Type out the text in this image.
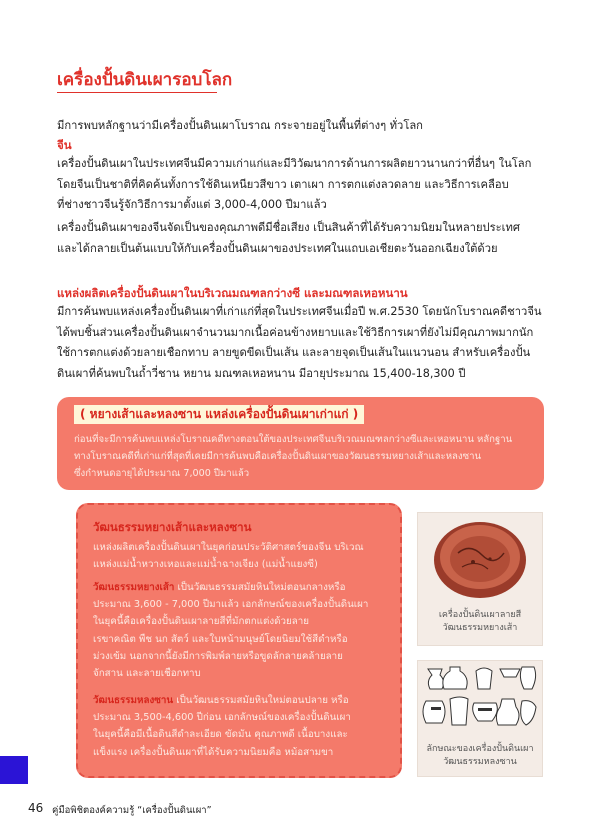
เครื่องปั้นดินเผารอบโลก
มีการพบหลักฐานว่ามีเครื่องปั้นดินเผาโบราณ กระจายอยู่ในพื้นที่ต่างๆ ทั่วโลก
จีน
เครื่องปั้นดินเผาในประเทศจีนมีความเก่าแก่และมีวิวัฒนาการด้านการผลิตยาวนานกว่าที่อื่นๆ ในโลก
โดยจีนเป็นชาติที่คิดค้นทั้งการใช้ดินเหนียวสีขาว เตาเผา การตกแต่งลวดลาย และวิธีการเคลือบ
ที่ช่างชาวจีนรู้จักวิธีการมาตั้งแต่ 3,000-4,000 ปีมาแล้ว
เครื่องปั้นดินเผาของจีนจัดเป็นของคุณภาพดีมีชื่อเสียง เป็นสินค้าที่ได้รับความนิยมในหลายประเทศ
และได้กลายเป็นต้นแบบให้กับเครื่องปั้นดินเผาของประเทศในแถบเอเชียตะวันออกเฉียงใต้ด้วย
แหล่งผลิตเครื่องปั้นดินเผาในบริเวณมณฑลกว่างซี และมณฑลเหอหนาน
มีการค้นพบแหล่งเครื่องปั้นดินเผาที่เก่าแก่ที่สุดในประเทศจีนเมื่อปี พ.ศ.2530 โดยนักโบราณคดีชาวจีน
ได้พบชิ้นส่วนเครื่องปั้นดินเผาจำนวนมากเนื้อค่อนข้างหยาบและใช้วิธีการเผาที่ยังไม่มีคุณภาพมากนัก
ใช้การตกแต่งด้วยลายเชือกทาบ ลายขูดขีดเป็นเส้น และลายจุดเป็นเส้นในแนวนอน สำหรับเครื่องปั้น
ดินเผาที่ค้นพบในถ้ำวี่ชาน หยาน มณฑลเหอหนาน มีอายุประมาณ 15,400-18,300 ปี
( หยางเส้าและหลงซาน แหล่งเครื่องปั้นดินเผาเก่าแก่ )
ก่อนที่จะมีการค้นพบแหล่งโบราณคดีทางตอนใต้ของประเทศจีนบริเวณมณฑลกว่างซีและเหอหนาน หลักฐาน
ทางโบราณคดีที่เก่าแก่ที่สุดที่เคยมีการค้นพบคือเครื่องปั้นดินเผาของวัฒนธรรมหยางเส้าและหลงซาน
ซึ่งกำหนดอายุได้ประมาณ 7,000 ปีมาแล้ว
วัฒนธรรมหยางเส้าและหลงซาน
แหล่งผลิตเครื่องปั้นดินเผาในยุคก่อนประวัติศาสตร์ของจีน บริเวณ
แหล่งแม่น้ำหวางเหอและแม่น้ำฉางเจียง (แม่น้ำแยงซี)
วัฒนธรรมหยางเส้า เป็นวัฒนธรรมสมัยหินใหม่ตอนกลางหรือ
ประมาณ 3,600 - 7,000 ปีมาแล้ว เอกลักษณ์ของเครื่องปั้นดินเผา
ในยุคนี้คือเครื่องปั้นดินเผาลายสีที่มักตกแต่งด้วยลาย
เรขาคณิต พืช นก สัตว์ และใบหน้ามนุษย์โดยนิยมใช้สีดำหรือ
ม่วงเข้ม นอกจากนี้ยังมีการพิมพ์ลายหรือขูดลักลายคล้ายลาย
จักสาน และลายเชือกทาบ
วัฒนธรรมหลงซาน เป็นวัฒนธรรมสมัยหินใหม่ตอนปลาย หรือ
ประมาณ 3,500-4,600 ปีก่อน เอกลักษณ์ของเครื่องปั้นดินเผา
ในยุคนี้คือมีเนื้อดินสีดำละเอียด ขัดมัน คุณภาพดี เนื้อบางและ
แข็งแรง เครื่องปั้นดินเผาที่ได้รับความนิยมคือ หม้อสามขา
เครื่องปั้นดินเผาลายสี
วัฒนธรรมหยางเส้า
ลักษณะของเครื่องปั้นดินเผา
วัฒนธรรมหลงซาน
46 คู่มือพิชิตองค์ความรู้ “เครื่องปั้นดินเผา”
